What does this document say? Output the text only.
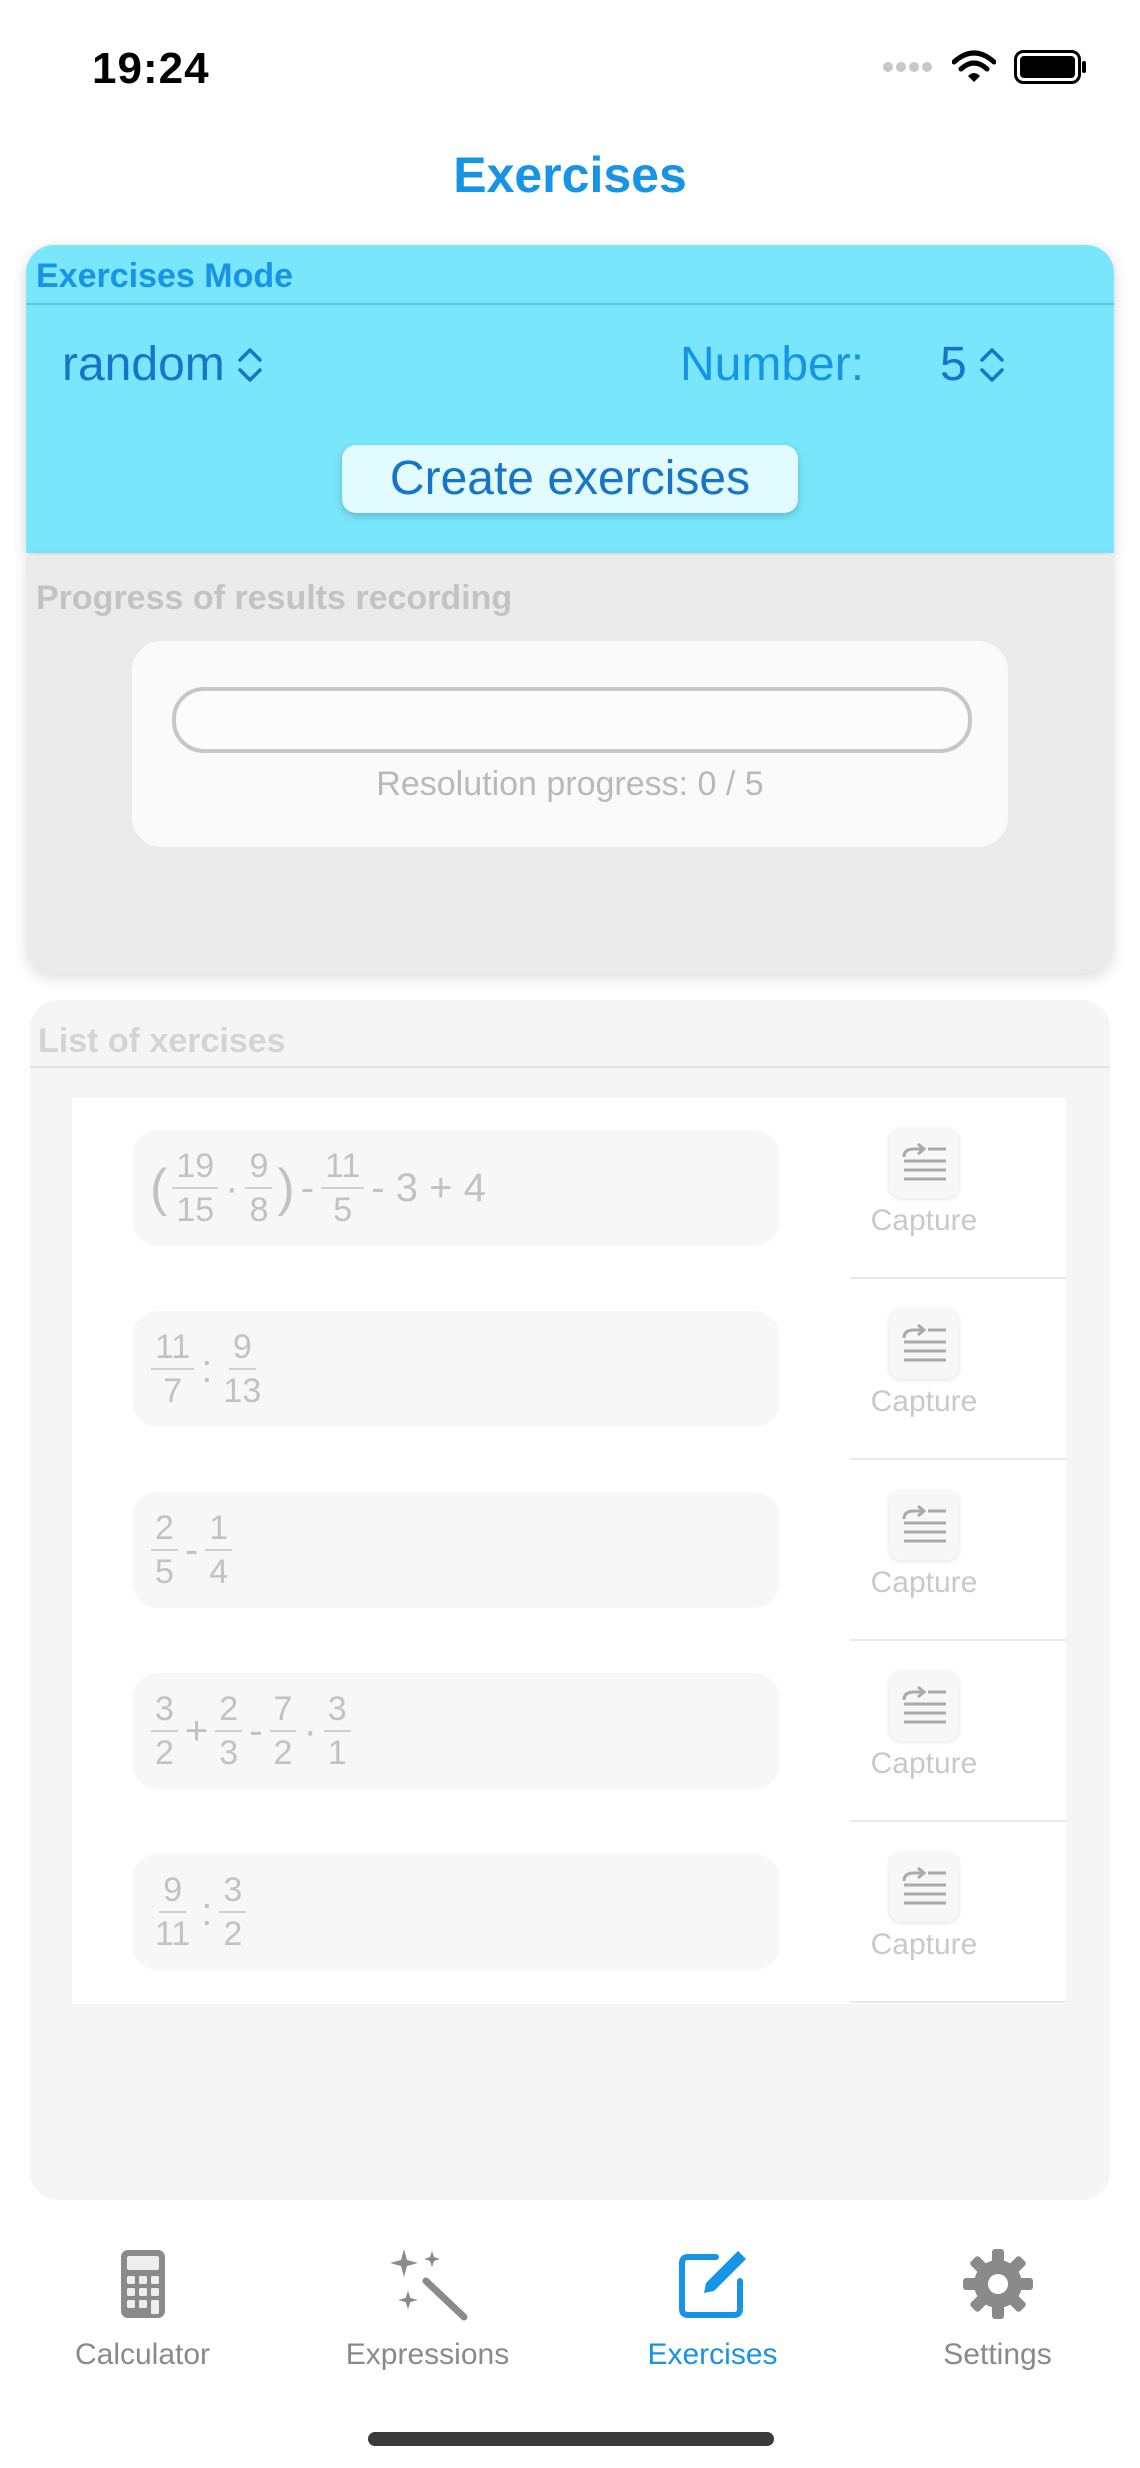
19:24
Exercises
Exercises Mode
random	Number: 5
Create exercises
Progress of results recording
Resolution progress: 0 / 5
List of xercises
( $\frac{19}{15} \cdot \frac{9}{8}$ ) - $\frac{11}{5} - 3 + 4$
Capture
$\frac{11}{7}$ : $\frac{9}{13}$	Capture
$\frac{2}{5} - \frac{1}{4}$	Capture
$\frac{3}{2} + \frac{2}{3} - \frac{7}{2} \cdot \frac{3}{1}$	Capture
$\frac{9}{11}$ : $\frac{3}{2}$	Capture
Calculator	Expressions	Exercises	Settings
